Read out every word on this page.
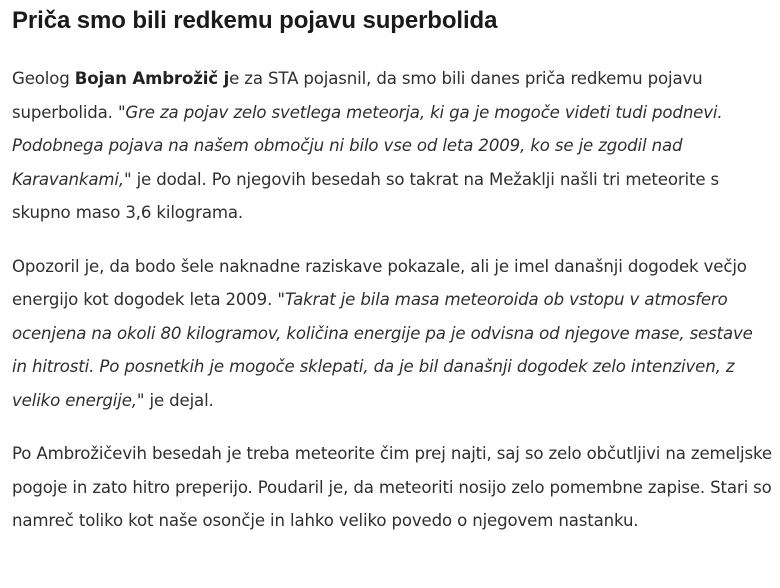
Priča smo bili redkemu pojavu superbolida

Geolog Bojan Ambrožič je za STA pojasnil, da smo bili danes priča redkemu pojavu superbolida. "Gre za pojav zelo svetlega meteorja, ki ga je mogoče videti tudi podnevi. Podobnega pojava na našem območju ni bilo vse od leta 2009, ko se je zgodil nad Karavankami," je dodal. Po njegovih besedah so takrat na Mežaklji našli tri meteorite s skupno maso 3,6 kilograma.

Opozoril je, da bodo šele naknadne raziskave pokazale, ali je imel današnji dogodek večjo energijo kot dogodek leta 2009. "Takrat je bila masa meteoroida ob vstopu v atmosfero ocenjena na okoli 80 kilogramov, količina energije pa je odvisna od njegove mase, sestave in hitrosti. Po posnetkih je mogoče sklepati, da je bil današnji dogodek zelo intenziven, z veliko energije," je dejal.

Po Ambrožičevih besedah je treba meteorite čim prej najti, saj so zelo občutljivi na zemeljske pogoje in zato hitro preperijo. Poudaril je, da meteoriti nosijo zelo pomembne zapise. Stari so namreč toliko kot naše osončje in lahko veliko povedo o njegovem nastanku.
